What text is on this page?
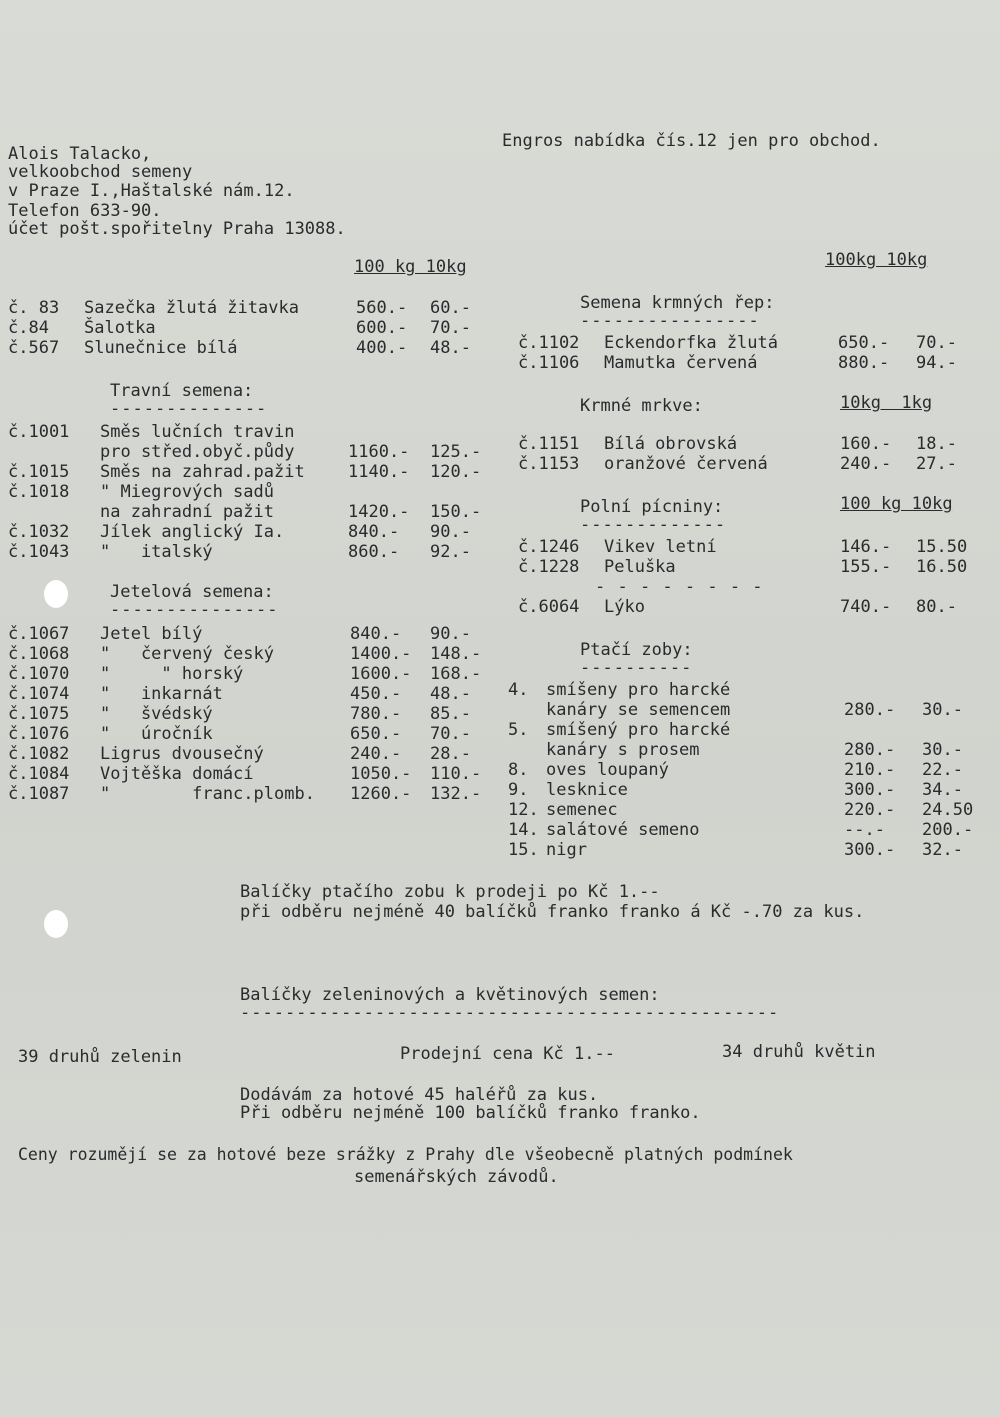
Alois Talacko,
velkoobchod semeny
v Praze I.,Haštalské nám.12.
Telefon 633-90.
účet pošt.spořitelny Praha 13088.
Engros nabídka čís.12 jen pro obchod.
100 kg 10kg
č. 83 Sazečka žlutá žitavka	560.- 60.-
č.84 Šalotka	600.- 70.-
č.567 Slunečnice bílá	400.- 48.-
Travní semena:
--------------
č.1001 Směs lučních travin
pro střed.obyč.půdy	1160.- 125.-
č.1015 Směs na zahrad.pažit	1140.- 120.-
č.1018 " Miegrových sadů
na zahradní pažit	1420.- 150.-
č.1032 Jílek anglický Ia.	840.- 90.-
č.1043 "   italský	860.- 92.-
Jetelová semena:
---------------
č.1067 Jetel bílý	840.- 90.-
č.1068 "   červený český	1400.- 148.-
č.1070 "     " horský	1600.- 168.-
č.1074 "   inkarnát	450.- 48.-
č.1075 "   švédský	780.- 85.-
č.1076 "   úročník	650.- 70.-
č.1082 Ligrus dvousečný	240.- 28.-
č.1084 Vojtěška domácí	1050.- 110.-
č.1087 "        franc.plomb. 1260.- 132.-
100kg 10kg
Semena krmných řep:
----------------
č.1102 Eckendorfka žlutá	650.- 70.-
č.1106 Mamutka červená	880.- 94.-
Krmné mrkve:	10kg  1kg
č.1151 Bílá obrovská	160.- 18.-
č.1153 oranžové červená	240.- 27.-
Polní pícniny:	100 kg 10kg
-------------
č.1246 Vikev letní	146.- 15.50
č.1228 Peluška	155.- 16.50
- - - - - - - -
č.6064 Lýko	740.- 80.-
Ptačí zoby:
----------
4. smíšeny pro harcké
kanáry se semencem	280.- 30.-
5. smíšený pro harcké
kanáry s prosem	280.- 30.-
8. oves loupaný	210.- 22.-
9. lesknice	300.- 34.-
12. semenec	220.- 24.50
14. salátové semeno	--.- 200.-
15. nigr	300.- 32.-
Balíčky ptačího zobu k prodeji po Kč 1.--
při odběru nejméně 40 balíčků franko franko á Kč -.70 za kus.
Balíčky zeleninových a květinových semen:
------------------------------------------------
39 druhů zelenin	Prodejní cena Kč 1.--	34 druhů květin
Dodávám za hotové 45 haléřů za kus.
Při odběru nejméně 100 balíčků franko franko.
Ceny rozumějí se za hotové beze srážky z Prahy dle všeobecně platných podmínek
semenářských závodů.
